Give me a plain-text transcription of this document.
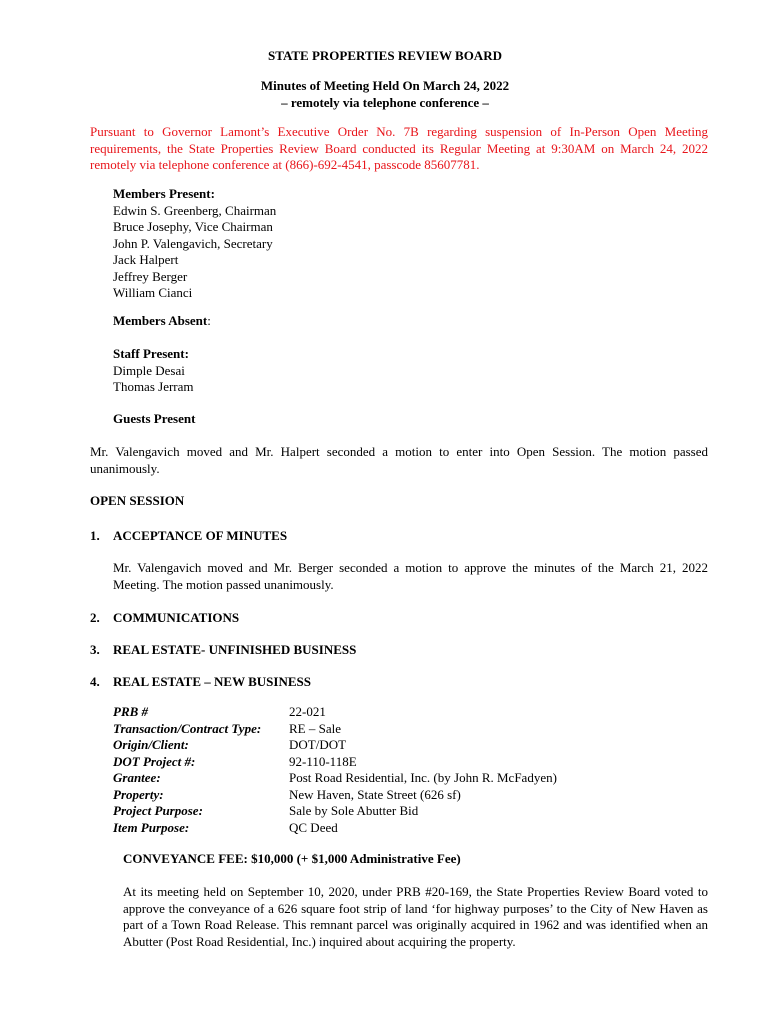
STATE PROPERTIES REVIEW BOARD
Minutes of Meeting Held On March 24, 2022
– remotely via telephone conference –
Pursuant to Governor Lamont’s Executive Order No. 7B regarding suspension of In-Person Open Meeting requirements, the State Properties Review Board conducted its Regular Meeting at 9:30AM on March 24, 2022 remotely via telephone conference at (866)-692-4541, passcode 85607781.
Members Present:
Edwin S. Greenberg, Chairman
Bruce Josephy, Vice Chairman
John P. Valengavich, Secretary
Jack Halpert
Jeffrey Berger
William Cianci
Members Absent:
Staff Present:
Dimple Desai
Thomas Jerram
Guests Present
Mr. Valengavich moved and Mr. Halpert seconded a motion to enter into Open Session. The motion passed unanimously.
OPEN SESSION
1. ACCEPTANCE OF MINUTES
Mr. Valengavich moved and Mr. Berger seconded a motion to approve the minutes of the March 21, 2022 Meeting. The motion passed unanimously.
2. COMMUNICATIONS
3. REAL ESTATE- UNFINISHED BUSINESS
4. REAL ESTATE – NEW BUSINESS
PRB #	22-021
Transaction/Contract Type: RE – Sale
Origin/Client:	DOT/DOT
DOT Project #:	92-110-118E
Grantee:	Post Road Residential, Inc. (by John R. McFadyen)
Property:	New Haven, State Street (626 sf)
Project Purpose:	Sale by Sole Abutter Bid
Item Purpose:	QC Deed
CONVEYANCE FEE: $10,000 (+ $1,000 Administrative Fee)
At its meeting held on September 10, 2020, under PRB #20-169, the State Properties Review Board voted to approve the conveyance of a 626 square foot strip of land ‘for highway purposes’ to the City of New Haven as part of a Town Road Release. This remnant parcel was originally acquired in 1962 and was identified when an Abutter (Post Road Residential, Inc.) inquired about acquiring the property.
